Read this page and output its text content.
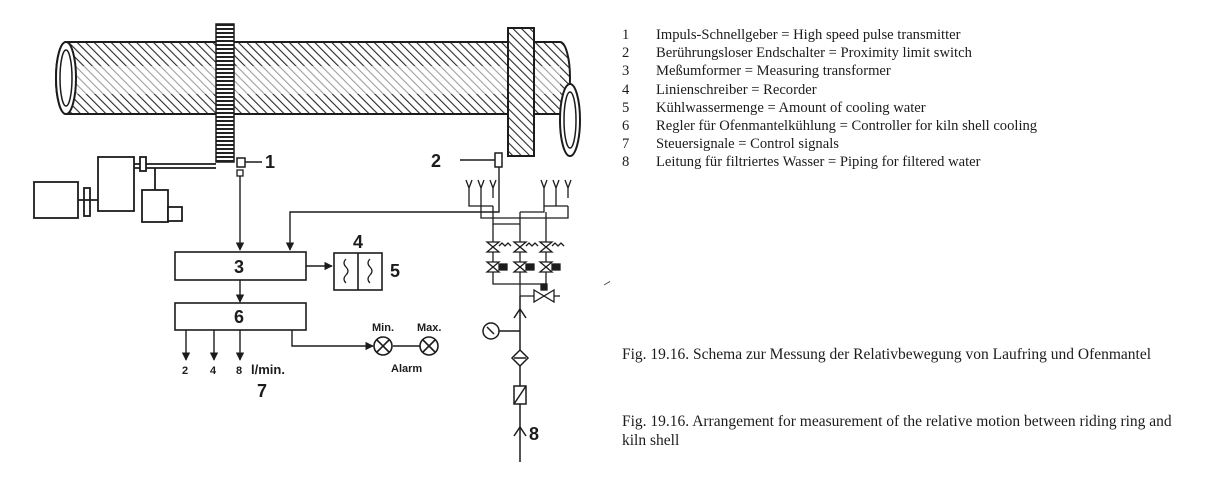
1	2
3
4
5
6
2 4 8 l/min.
7
Min. Max.
Alarm
8
1 Impuls-Schnellgeber = High speed pulse transmitter
2 Berührungsloser Endschalter = Proximity limit switch
3 Meßumformer = Measuring transformer
4 Linienschreiber = Recorder
5 Kühlwassermenge = Amount of cooling water
6 Regler für Ofenmantelkühlung = Controller for kiln shell cooling
7 Steuersignale = Control signals
8 Leitung für filtriertes Wasser = Piping for filtered water

Fig. 19.16. Schema zur Messung der Relativbewegung von Laufring und Ofenmantel

Fig. 19.16. Arrangement for measurement of the relative motion between riding ring and kiln shell
